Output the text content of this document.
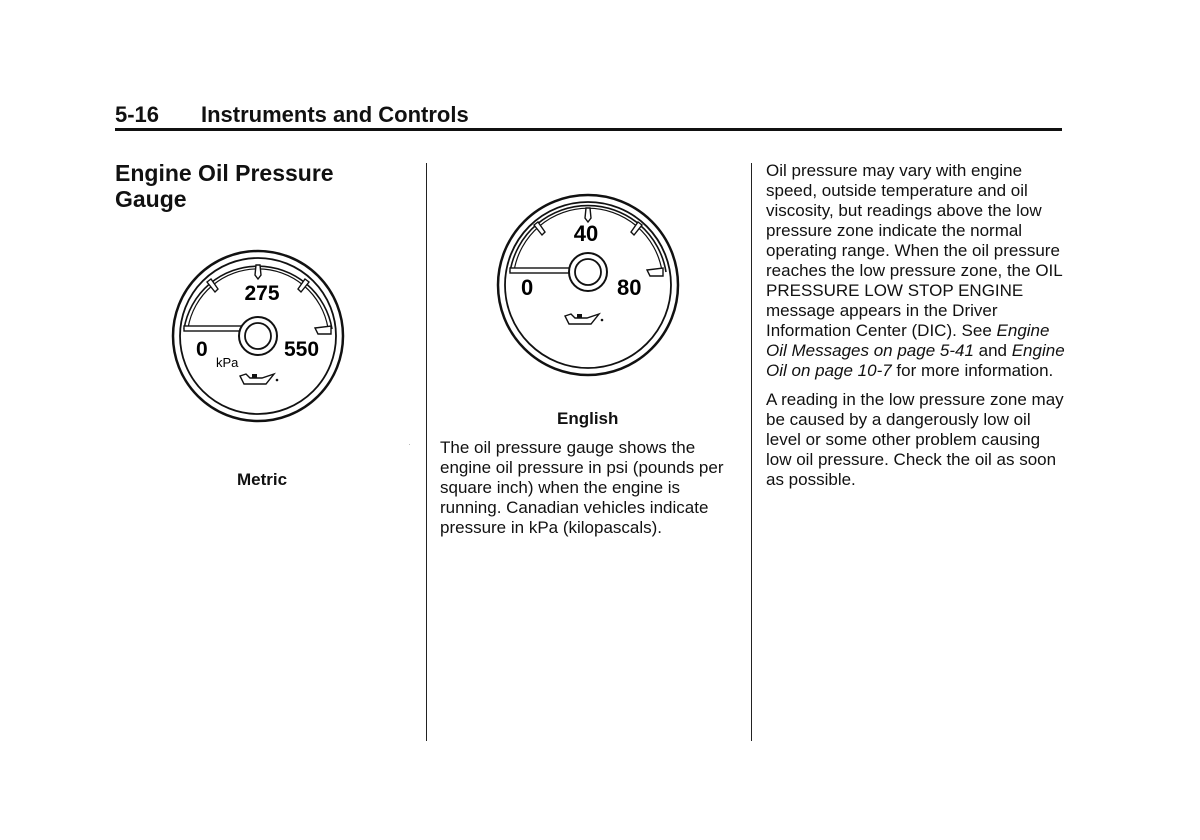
5-16 Instruments and Controls
Engine Oil Pressure Gauge
275
0	550
kPa
Metric
40
0	80
English

The oil pressure gauge shows the engine oil pressure in psi (pounds per square inch) when the engine is running. Canadian vehicles indicate pressure in kPa (kilopascals).

Oil pressure may vary with engine speed, outside temperature and oil viscosity, but readings above the low pressure zone indicate the normal operating range. When the oil pressure reaches the low pressure zone, the OIL PRESSURE LOW STOP ENGINE message appears in the Driver Information Center (DIC). See Engine Oil Messages on page 5-41 and Engine Oil on page 10-7 for more information.

A reading in the low pressure zone may be caused by a dangerously low oil level or some other problem causing low oil pressure. Check the oil as soon as possible.
